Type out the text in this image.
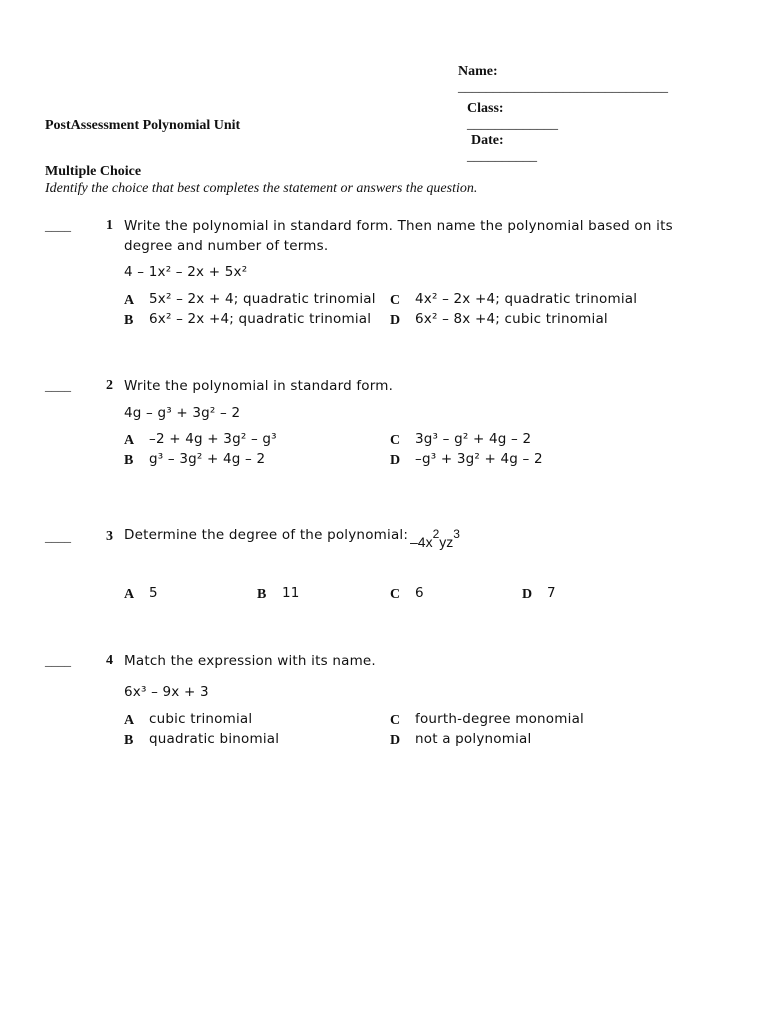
Name:
______________________________

Class:
_____________
Date:
__________

PostAssessment Polynomial Unit
Multiple Choice
Identify the choice that best completes the statement or answers the question.
____	1 Write the polynomial in standard form. Then name the polynomial based on its degree and number of terms.
4 – 1x² – 2x + 5x²
A 5x² – 2x + 4; quadratic trinomial
B 6x² – 2x +4; quadratic trinomial
C 4x² – 2x +4; quadratic trinomial
D 6x² – 8x +4; cubic trinomial
____	2 Write the polynomial in standard form.
4g – g³ + 3g² – 2
A –2 + 4g + 3g² – g³
B g³ – 3g² + 4g – 2
C 3g³ – g² + 4g – 2
D –g³ + 3g² + 4g – 2
____	3 Determine the degree of the polynomial: –4x2yz3
A 5	B 11	C 6	D 7
____	4 Match the expression with its name.
6x³ – 9x + 3
A cubic trinomial
B quadratic binomial
C fourth-degree monomial
D not a polynomial
